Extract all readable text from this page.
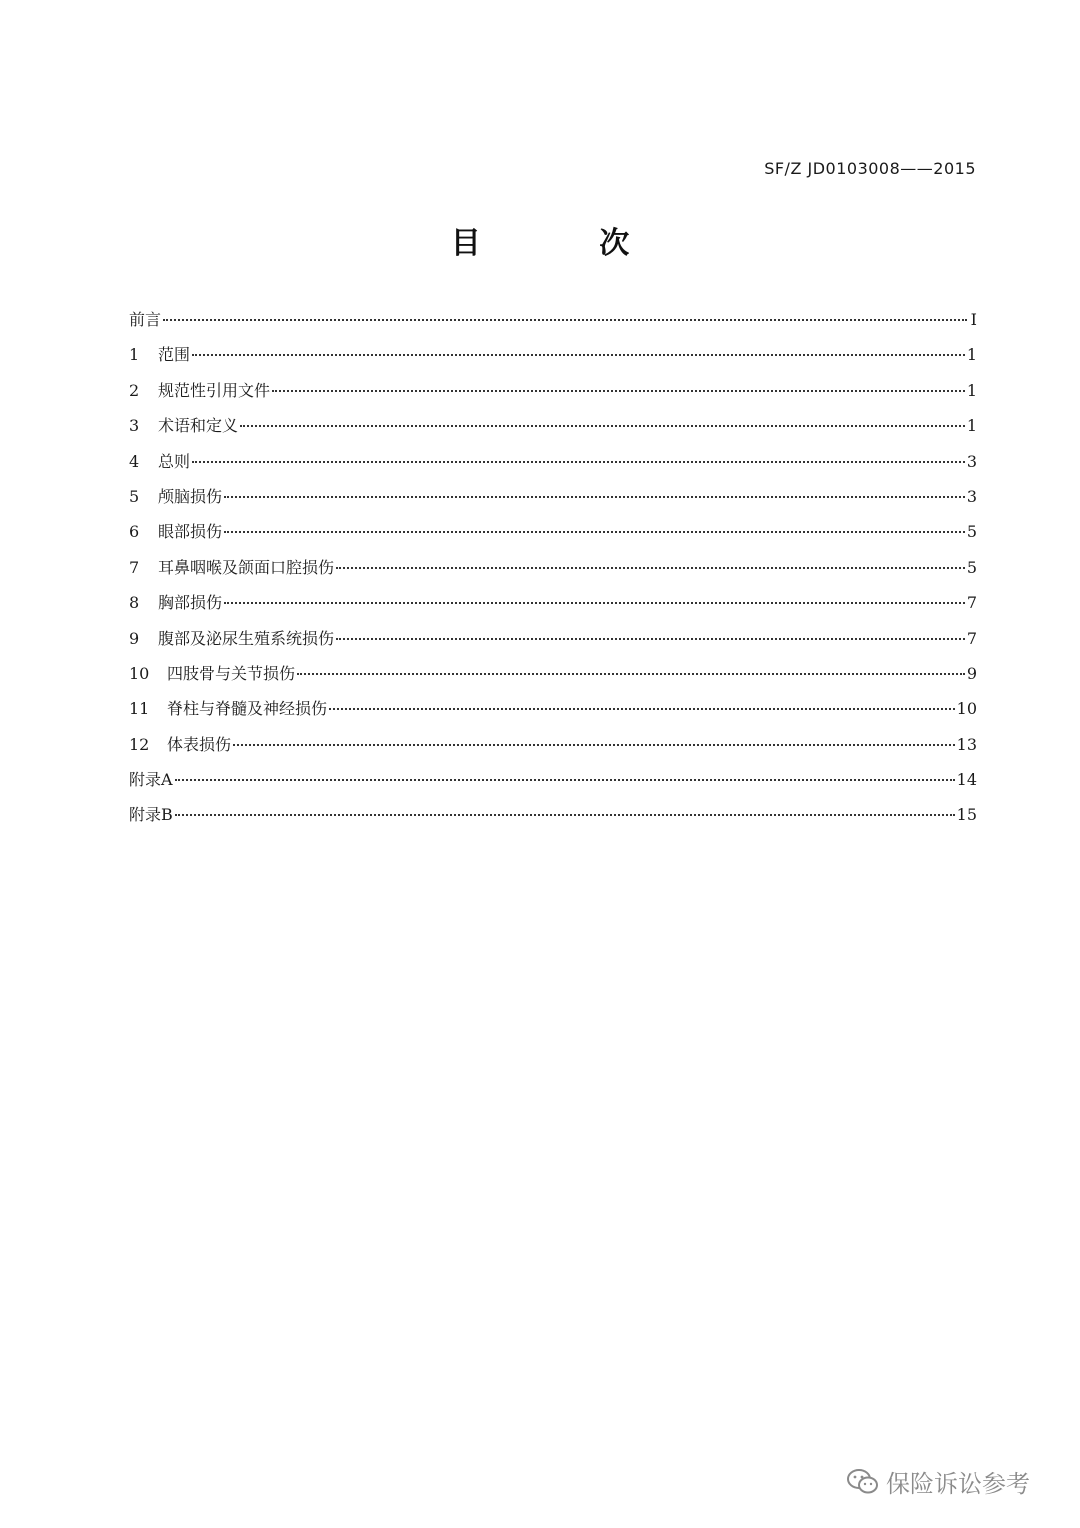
SF/Z JD0103008——2015
目 次
前言	I
1	范围	1
2	规范性引用文件	1
3	术语和定义	1
4	总则	3
5	颅脑损伤	3
6	眼部损伤	5
7	耳鼻咽喉及颌面口腔损伤	5
8	胸部损伤	7
9	腹部及泌尿生殖系统损伤	7
10	四肢骨与关节损伤	9
11	脊柱与脊髓及神经损伤	10
12	体表损伤	13
附录A	14
附录B	15
保险诉讼参考
